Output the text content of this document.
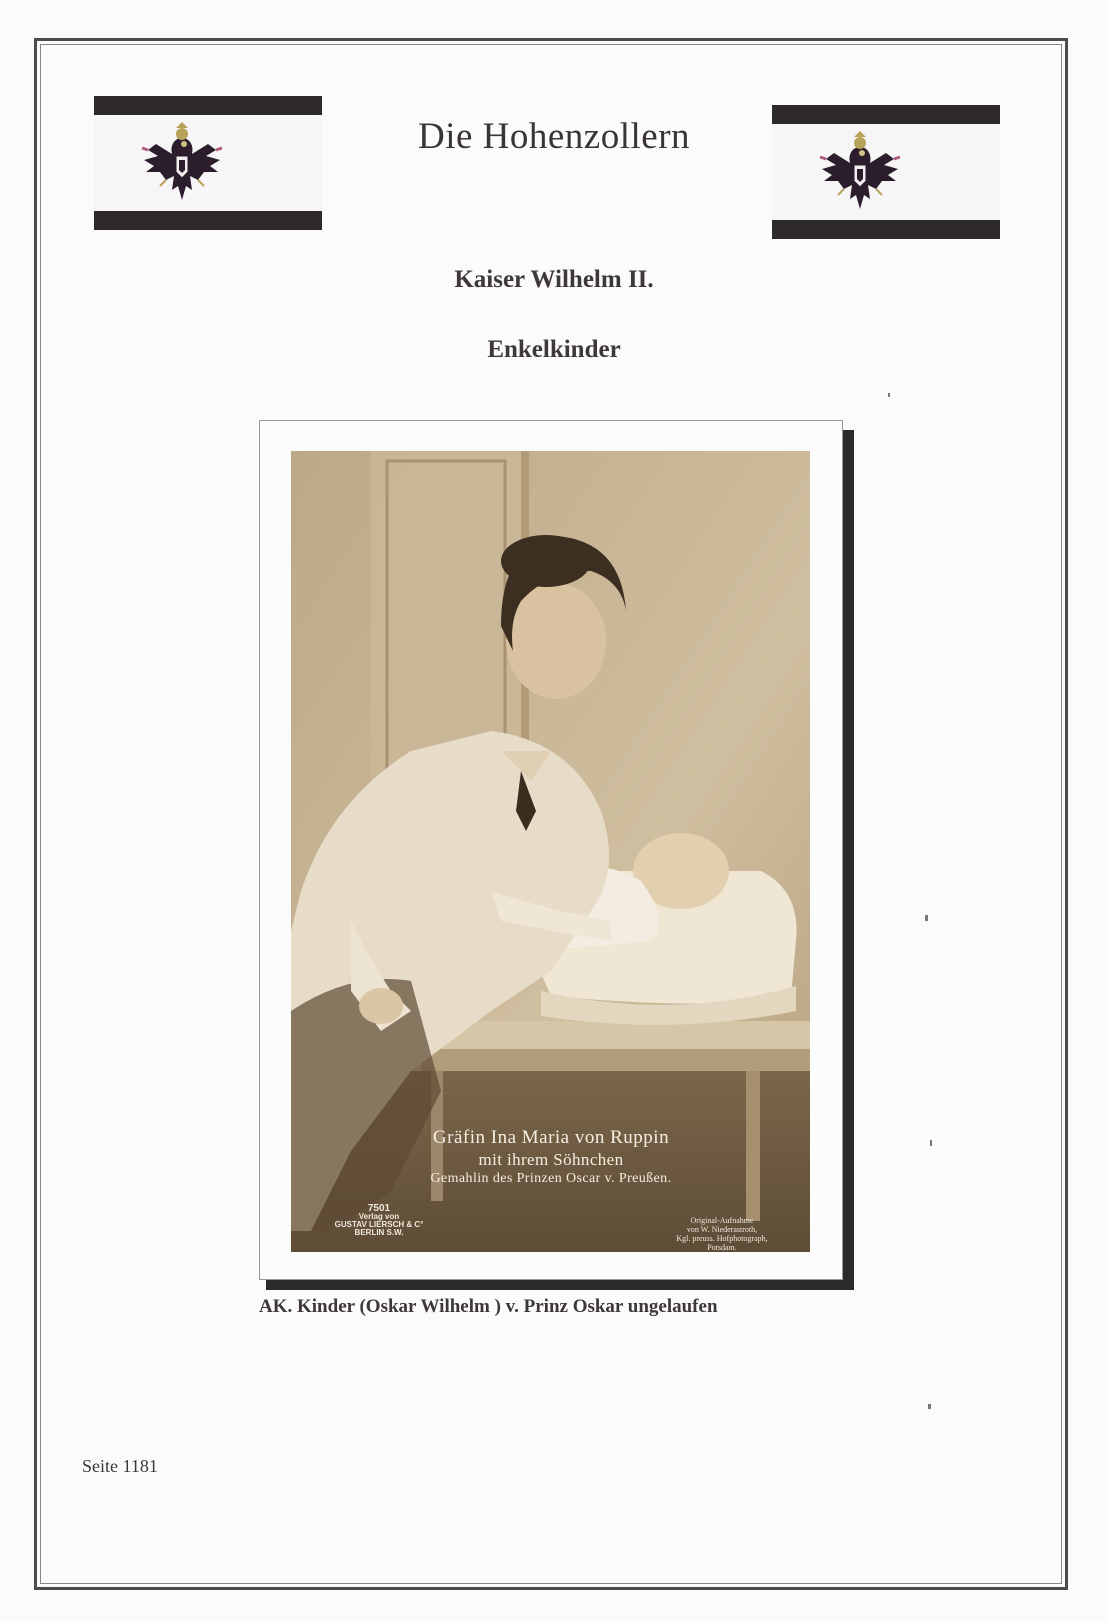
Die Hohenzollern
Kaiser Wilhelm II.
Enkelkinder
Gräfin Ina Maria von Ruppin
mit ihrem Söhnchen
Gemahlin des Prinzen Oscar v. Preußen.
7501
Verlag von
GUSTAV LIERSCH & C°
BERLIN S.W.
Original-Aufnahme
von W. Niederastroth,
Kgl. preuss. Hofphotograph,
Potsdam.
AK. Kinder (Oskar Wilhelm ) v. Prinz Oskar ungelaufen
Seite 1181
